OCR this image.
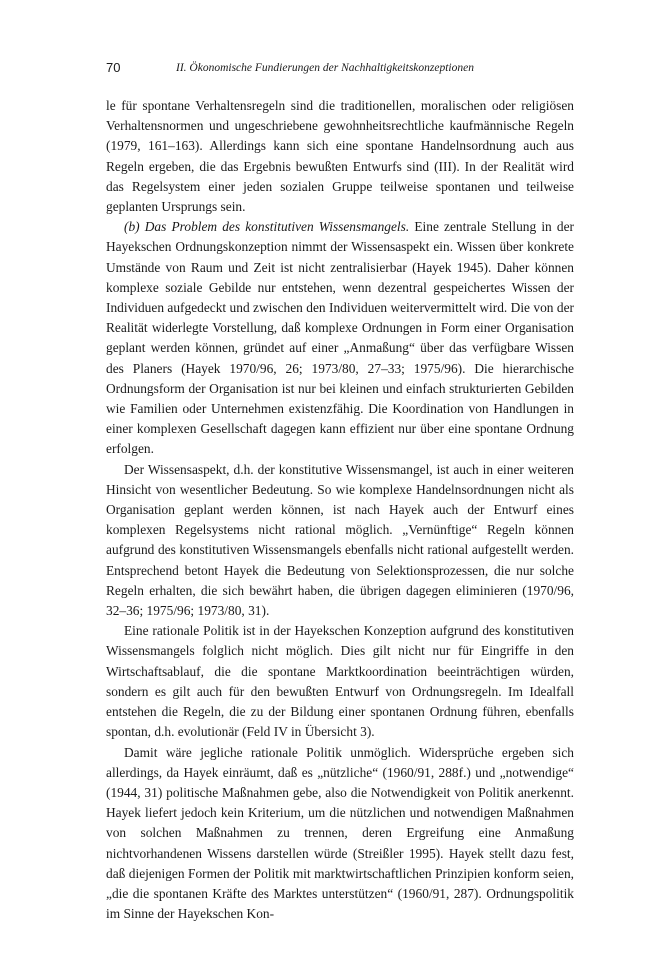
70	II. Ökonomische Fundierungen der Nachhaltigkeitskonzeptionen

le für spontane Verhaltensregeln sind die traditionellen, moralischen oder religiösen Verhaltensnormen und ungeschriebene gewohnheitsrechtliche kaufmännische Regeln (1979, 161–163). Allerdings kann sich eine spontane Handelnsordnung auch aus Regeln ergeben, die das Ergebnis bewußten Entwurfs sind (III). In der Realität wird das Regelsystem einer jeden sozialen Gruppe teilweise spontanen und teilweise geplanten Ursprungs sein.

(b) Das Problem des konstitutiven Wissensmangels. Eine zentrale Stellung in der Hayekschen Ordnungskonzeption nimmt der Wissensaspekt ein. Wissen über konkrete Umstände von Raum und Zeit ist nicht zentralisierbar (Hayek 1945). Daher können komplexe soziale Gebilde nur entstehen, wenn dezentral gespeichertes Wissen der Individuen aufgedeckt und zwischen den Individuen weitervermittelt wird. Die von der Realität widerlegte Vorstellung, daß komplexe Ordnungen in Form einer Organisation geplant werden können, gründet auf einer „Anmaßung“ über das verfügbare Wissen des Planers (Hayek 1970/96, 26; 1973/80, 27–33; 1975/96). Die hierarchische Ordnungsform der Organisation ist nur bei kleinen und einfach strukturierten Gebilden wie Familien oder Unternehmen existenzfähig. Die Koordination von Handlungen in einer komplexen Gesellschaft dagegen kann effizient nur über eine spontane Ordnung erfolgen.

Der Wissensaspekt, d.h. der konstitutive Wissensmangel, ist auch in einer weiteren Hinsicht von wesentlicher Bedeutung. So wie komplexe Handelnsordnungen nicht als Organisation geplant werden können, ist nach Hayek auch der Entwurf eines komplexen Regelsystems nicht rational möglich. „Vernünftige“ Regeln können aufgrund des konstitutiven Wissensmangels ebenfalls nicht rational aufgestellt werden. Entsprechend betont Hayek die Bedeutung von Selektionsprozessen, die nur solche Regeln erhalten, die sich bewährt haben, die übrigen dagegen eliminieren (1970/96, 32–36; 1975/96; 1973/80, 31).

Eine rationale Politik ist in der Hayekschen Konzeption aufgrund des konstitutiven Wissensmangels folglich nicht möglich. Dies gilt nicht nur für Eingriffe in den Wirtschaftsablauf, die die spontane Marktkoordination beeinträchtigen würden, sondern es gilt auch für den bewußten Entwurf von Ordnungsregeln. Im Idealfall entstehen die Regeln, die zu der Bildung einer spontanen Ordnung führen, ebenfalls spontan, d.h. evolutionär (Feld IV in Übersicht 3).

Damit wäre jegliche rationale Politik unmöglich. Widersprüche ergeben sich allerdings, da Hayek einräumt, daß es „nützliche“ (1960/91, 288f.) und „notwendige“ (1944, 31) politische Maßnahmen gebe, also die Notwendigkeit von Politik anerkennt. Hayek liefert jedoch kein Kriterium, um die nützlichen und notwendigen Maßnahmen von solchen Maßnahmen zu trennen, deren Ergreifung eine Anmaßung nichtvorhandenen Wissens darstellen würde (Streißler 1995). Hayek stellt dazu fest, daß diejenigen Formen der Politik mit marktwirtschaftlichen Prinzipien konform seien, „die die spontanen Kräfte des Marktes unterstützen“ (1960/91, 287). Ordnungspolitik im Sinne der Hayekschen Kon-
